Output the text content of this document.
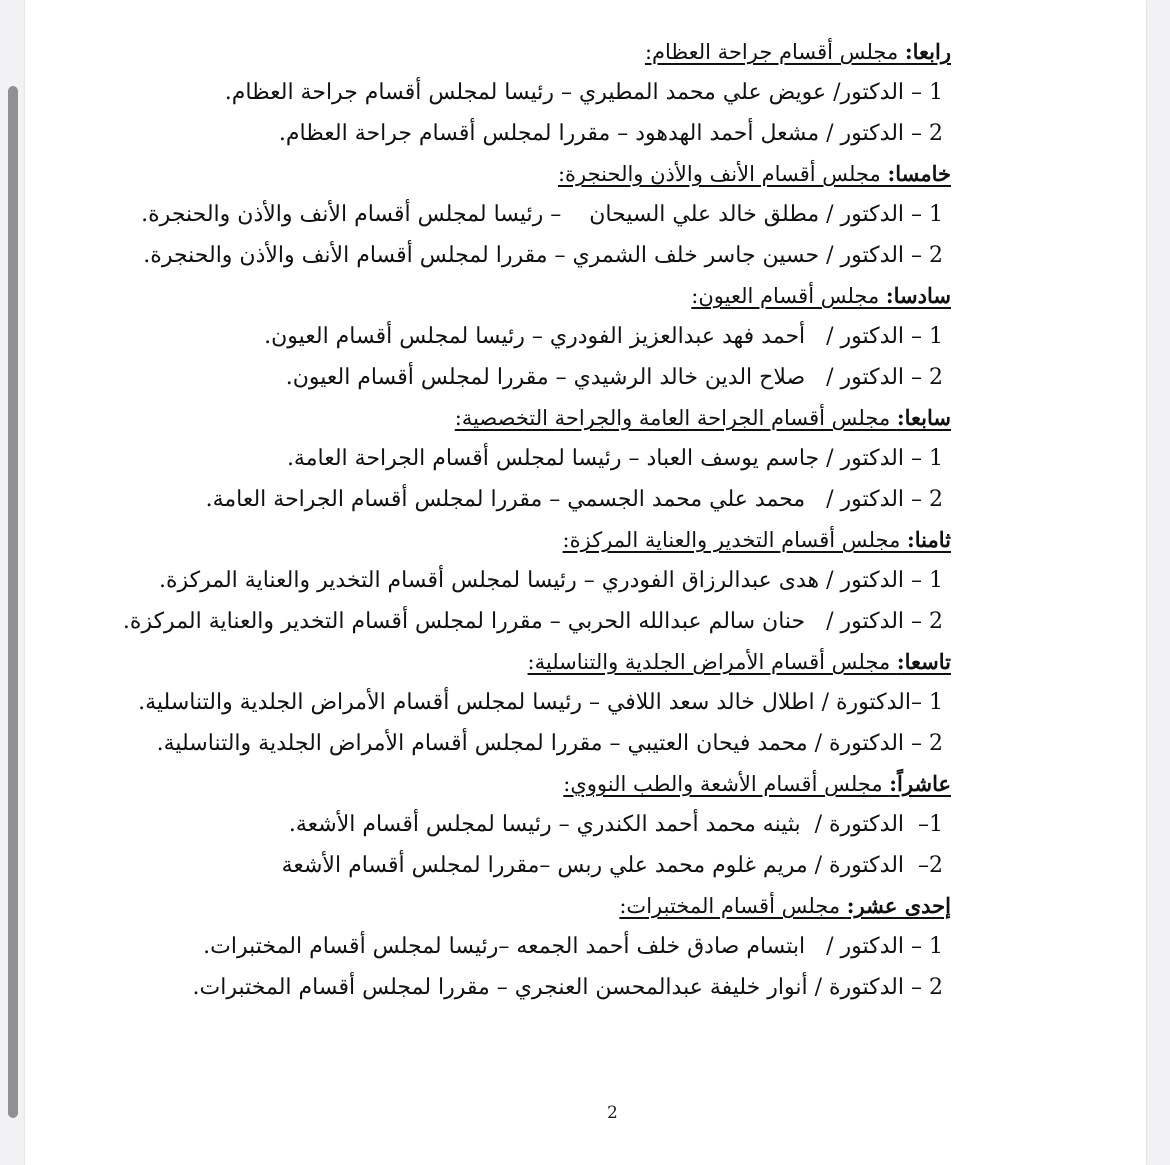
رابعا: مجلس أقسام جراحة العظام:
1 – الدكتور/ عويض علي محمد المطيري – رئيسا لمجلس أقسام جراحة العظام.
2 – الدكتور / مشعل أحمد الهدهود – مقررا لمجلس أقسام جراحة العظام.
خامسا: مجلس أقسام الأنف والأذن والحنجرة:
1 – الدكتور / مطلق خالد علي السيحان    – رئيسا لمجلس أقسام الأنف والأذن والحنجرة.
2 – الدكتور / حسين جاسر خلف الشمري – مقررا لمجلس أقسام الأنف والأذن والحنجرة.
سادسا: مجلس أقسام العيون:
1 – الدكتور /   أحمد فهد عبدالعزيز الفودري – رئيسا لمجلس أقسام العيون.
2 – الدكتور /   صلاح الدين خالد الرشيدي – مقررا لمجلس أقسام العيون.
سابعا: مجلس أقسام الجراحة العامة والجراحة التخصصية:
1 – الدكتور / جاسم يوسف العباد – رئيسا لمجلس أقسام الجراحة العامة.
2 – الدكتور /   محمد علي محمد الجسمي – مقررا لمجلس أقسام الجراحة العامة.
ثامنا: مجلس أقسام التخدير والعناية المركزة:
1 – الدكتور / هدى عبدالرزاق الفودري – رئيسا لمجلس أقسام التخدير والعناية المركزة.
2 – الدكتور /   حنان سالم عبدالله الحربي – مقررا لمجلس أقسام التخدير والعناية المركزة.
تاسعا: مجلس أقسام الأمراض الجلدية والتناسلية:
1 –الدكتورة / اطلال خالد سعد اللافي – رئيسا لمجلس أقسام الأمراض الجلدية والتناسلية.
2 – الدكتورة / محمد فيحان العتيبي – مقررا لمجلس أقسام الأمراض الجلدية والتناسلية.
عاشراً: مجلس أقسام الأشعة والطب النووي:
1–  الدكتورة /  بثينه محمد أحمد الكندري – رئيسا لمجلس أقسام الأشعة.
2–  الدكتورة / مريم غلوم محمد علي ربس –مقررا لمجلس أقسام الأشعة
إحدى عشر: مجلس أقسام المختبرات:
1 – الدكتور /   ابتسام صادق خلف أحمد الجمعه –رئيسا لمجلس أقسام المختبرات.
2 – الدكتورة / أنوار خليفة عبدالمحسن العنجري – مقررا لمجلس أقسام المختبرات.
2
